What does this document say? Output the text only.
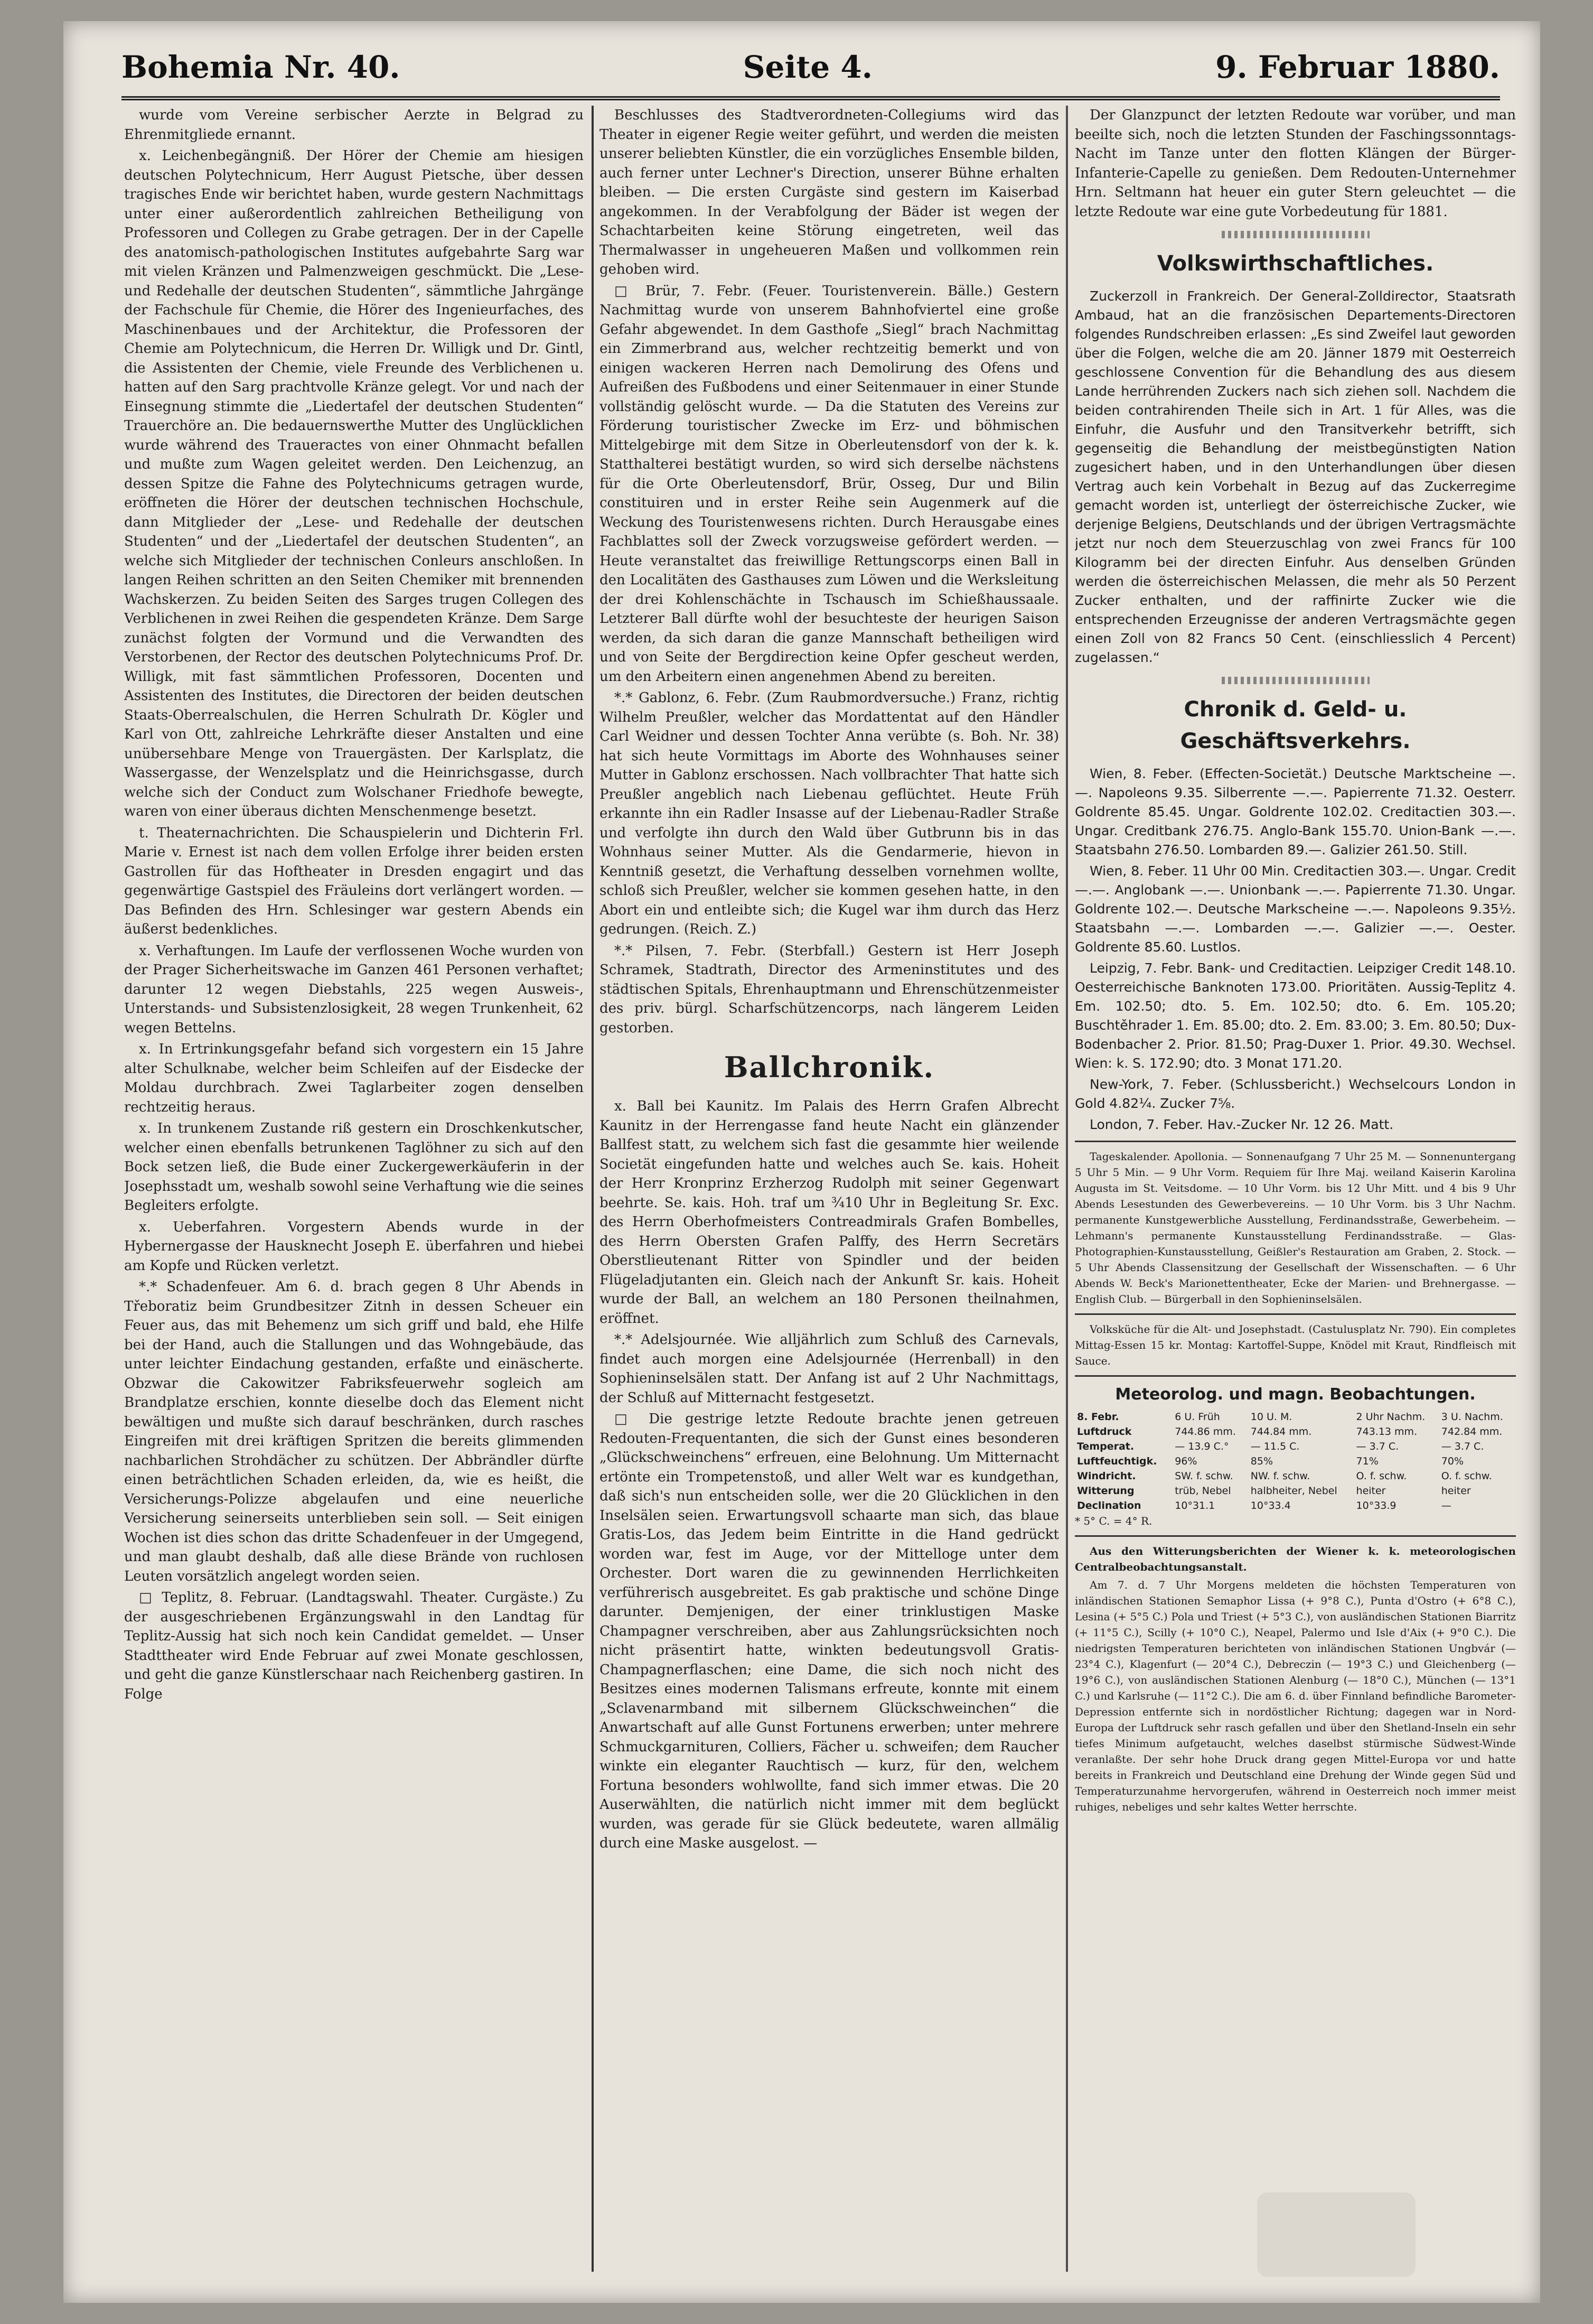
Bohemia Nr. 40.	Seite 4.	9. Februar 1880.

wurde vom Vereine serbischer Aerzte in Belgrad zu Ehrenmitgliede ernannt.

x. Leichenbegängniß. Der Hörer der Chemie am hiesigen deutschen Polytechnicum, Herr August Pietsche, über dessen tragisches Ende wir berichtet haben, wurde gestern Nachmittags unter einer außerordentlich zahlreichen Betheiligung von Professoren und Collegen zu Grabe getragen. Der in der Capelle des anatomisch-pathologischen Institutes aufgebahrte Sarg war mit vielen Kränzen und Palmenzweigen geschmückt. Die „Lese- und Redehalle der deutschen Studenten“, sämmtliche Jahrgänge der Fachschule für Chemie, die Hörer des Ingenieurfaches, des Maschinenbaues und der Architektur, die Professoren der Chemie am Polytechnicum, die Herren Dr. Willigk und Dr. Gintl, die Assistenten der Chemie, viele Freunde des Verblichenen u. hatten auf den Sarg prachtvolle Kränze gelegt. Vor und nach der Einsegnung stimmte die „Liedertafel der deutschen Studenten“ Trauerchöre an. Die bedauernswerthe Mutter des Unglücklichen wurde während des Traueractes von einer Ohnmacht befallen und mußte zum Wagen geleitet werden. Den Leichenzug, an dessen Spitze die Fahne des Polytechnicums getragen wurde, eröffneten die Hörer der deutschen technischen Hochschule, dann Mitglieder der „Lese- und Redehalle der deutschen Studenten“ und der „Liedertafel der deutschen Studenten“, an welche sich Mitglieder der technischen Conleurs anschloßen. In langen Reihen schritten an den Seiten Chemiker mit brennenden Wachskerzen. Zu beiden Seiten des Sarges trugen Collegen des Verblichenen in zwei Reihen die gespendeten Kränze. Dem Sarge zunächst folgten der Vormund und die Verwandten des Verstorbenen, der Rector des deutschen Polytechnicums Prof. Dr. Willigk, mit fast sämmtlichen Professoren, Docenten und Assistenten des Institutes, die Directoren der beiden deutschen Staats-Oberrealschulen, die Herren Schulrath Dr. Kögler und Karl von Ott, zahlreiche Lehrkräfte dieser Anstalten und eine unübersehbare Menge von Trauergästen. Der Karlsplatz, die Wassergasse, der Wenzelsplatz und die Heinrichsgasse, durch welche sich der Conduct zum Wolschaner Friedhofe bewegte, waren von einer überaus dichten Menschenmenge besetzt.

t. Theaternachrichten. Die Schauspielerin und Dichterin Frl. Marie v. Ernest ist nach dem vollen Erfolge ihrer beiden ersten Gastrollen für das Hoftheater in Dresden engagirt und das gegenwärtige Gastspiel des Fräuleins dort verlängert worden. — Das Befinden des Hrn. Schlesinger war gestern Abends ein äußerst bedenkliches.

x. Verhaftungen. Im Laufe der verflossenen Woche wurden von der Prager Sicherheitswache im Ganzen 461 Personen verhaftet; darunter 12 wegen Diebstahls, 225 wegen Ausweis-, Unterstands- und Subsistenzlosigkeit, 28 wegen Trunkenheit, 62 wegen Bettelns.

x. In Ertrinkungsgefahr befand sich vorgestern ein 15 Jahre alter Schulknabe, welcher beim Schleifen auf der Eisdecke der Moldau durchbrach. Zwei Taglarbeiter zogen denselben rechtzeitig heraus.

x. In trunkenem Zustande riß gestern ein Droschkenkutscher, welcher einen ebenfalls betrunkenen Taglöhner zu sich auf den Bock setzen ließ, die Bude einer Zuckergewerkäuferin in der Josephsstadt um, weshalb sowohl seine Verhaftung wie die seines Begleiters erfolgte.

x. Ueberfahren. Vorgestern Abends wurde in der Hybernergasse der Hausknecht Joseph E. überfahren und hiebei am Kopfe und Rücken verletzt.

*.* Schadenfeuer. Am 6. d. brach gegen 8 Uhr Abends in Třeboratiz beim Grundbesitzer Zitnh in dessen Scheuer ein Feuer aus, das mit Behemenz um sich griff und bald, ehe Hilfe bei der Hand, auch die Stallungen und das Wohngebäude, das unter leichter Eindachung gestanden, erfaßte und einäscherte. Obzwar die Cakowitzer Fabriksfeuerwehr sogleich am Brandplatze erschien, konnte dieselbe doch das Element nicht bewältigen und mußte sich darauf beschränken, durch rasches Eingreifen mit drei kräftigen Spritzen die bereits glimmenden nachbarlichen Strohdächer zu schützen. Der Abbrändler dürfte einen beträchtlichen Schaden erleiden, da, wie es heißt, die Versicherungs-Polizze abgelaufen und eine neuerliche Versicherung seinerseits unterblieben sein soll. — Seit einigen Wochen ist dies schon das dritte Schadenfeuer in der Umgegend, und man glaubt deshalb, daß alle diese Brände von ruchlosen Leuten vorsätzlich angelegt worden seien.

□ Teplitz, 8. Februar. (Landtagswahl. Theater. Curgäste.) Zu der ausgeschriebenen Ergänzungswahl in den Landtag für Teplitz-Aussig hat sich noch kein Candidat gemeldet. — Unser Stadttheater wird Ende Februar auf zwei Monate geschlossen, und geht die ganze Künstlerschaar nach Reichenberg gastiren. In Folge

Beschlusses des Stadtverordneten-Collegiums wird das Theater in eigener Regie weiter geführt, und werden die meisten unserer beliebten Künstler, die ein vorzügliches Ensemble bilden, auch ferner unter Lechner's Direction, unserer Bühne erhalten bleiben. — Die ersten Curgäste sind gestern im Kaiserbad angekommen. In der Verabfolgung der Bäder ist wegen der Schachtarbeiten keine Störung eingetreten, weil das Thermalwasser in ungeheueren Maßen und vollkommen rein gehoben wird.

□ Brür, 7. Febr. (Feuer. Touristenverein. Bälle.) Gestern Nachmittag wurde von unserem Bahnhofviertel eine große Gefahr abgewendet. In dem Gasthofe „Siegl“ brach Nachmittag ein Zimmerbrand aus, welcher rechtzeitig bemerkt und von einigen wackeren Herren nach Demolirung des Ofens und Aufreißen des Fußbodens und einer Seitenmauer in einer Stunde vollständig gelöscht wurde. — Da die Statuten des Vereins zur Förderung touristischer Zwecke im Erz- und böhmischen Mittelgebirge mit dem Sitze in Oberleutensdorf von der k. k. Statthalterei bestätigt wurden, so wird sich derselbe nächstens für die Orte Oberleutensdorf, Brür, Osseg, Dur und Bilin constituiren und in erster Reihe sein Augenmerk auf die Weckung des Touristenwesens richten. Durch Herausgabe eines Fachblattes soll der Zweck vorzugsweise gefördert werden. — Heute veranstaltet das freiwillige Rettungscorps einen Ball in den Localitäten des Gasthauses zum Löwen und die Werksleitung der drei Kohlenschächte in Tschausch im Schießhaussaale. Letzterer Ball dürfte wohl der besuchteste der heurigen Saison werden, da sich daran die ganze Mannschaft betheiligen wird und von Seite der Bergdirection keine Opfer gescheut werden, um den Arbeitern einen angenehmen Abend zu bereiten.

*.* Gablonz, 6. Febr. (Zum Raubmordversuche.) Franz, richtig Wilhelm Preußler, welcher das Mordattentat auf den Händler Carl Weidner und dessen Tochter Anna verübte (s. Boh. Nr. 38) hat sich heute Vormittags im Aborte des Wohnhauses seiner Mutter in Gablonz erschossen. Nach vollbrachter That hatte sich Preußler angeblich nach Liebenau geflüchtet. Heute Früh erkannte ihn ein Radler Insasse auf der Liebenau-Radler Straße und verfolgte ihn durch den Wald über Gutbrunn bis in das Wohnhaus seiner Mutter. Als die Gendarmerie, hievon in Kenntniß gesetzt, die Verhaftung desselben vornehmen wollte, schloß sich Preußler, welcher sie kommen gesehen hatte, in den Abort ein und entleibte sich; die Kugel war ihm durch das Herz gedrungen. (Reich. Z.)

*.* Pilsen, 7. Febr. (Sterbfall.) Gestern ist Herr Joseph Schramek, Stadtrath, Director des Armeninstitutes und des städtischen Spitals, Ehrenhauptmann und Ehrenschützenmeister des priv. bürgl. Scharfschützencorps, nach längerem Leiden gestorben.

Ballchronik.

x. Ball bei Kaunitz. Im Palais des Herrn Grafen Albrecht Kaunitz in der Herrengasse fand heute Nacht ein glänzender Ballfest statt, zu welchem sich fast die gesammte hier weilende Societät eingefunden hatte und welches auch Se. kais. Hoheit der Herr Kronprinz Erzherzog Rudolph mit seiner Gegenwart beehrte. Se. kais. Hoh. traf um ¾10 Uhr in Begleitung Sr. Exc. des Herrn Oberhofmeisters Contreadmirals Grafen Bombelles, des Herrn Obersten Grafen Palffy, des Herrn Secretärs Oberstlieutenant Ritter von Spindler und der beiden Flügeladjutanten ein. Gleich nach der Ankunft Sr. kais. Hoheit wurde der Ball, an welchem an 180 Personen theilnahmen, eröffnet.

*.* Adelsjournée. Wie alljährlich zum Schluß des Carnevals, findet auch morgen eine Adelsjournée (Herrenball) in den Sophieninselsälen statt. Der Anfang ist auf 2 Uhr Nachmittags, der Schluß auf Mitternacht festgesetzt.

□ Die gestrige letzte Redoute brachte jenen getreuen Redouten-Frequentanten, die sich der Gunst eines besonderen „Glückschweinchens“ erfreuen, eine Belohnung. Um Mitternacht ertönte ein Trompetenstoß, und aller Welt war es kundgethan, daß sich's nun entscheiden solle, wer die 20 Glücklichen in den Inselsälen seien. Erwartungsvoll schaarte man sich, das blaue Gratis-Los, das Jedem beim Eintritte in die Hand gedrückt worden war, fest im Auge, vor der Mittelloge unter dem Orchester. Dort waren die zu gewinnenden Herrlichkeiten verführerisch ausgebreitet. Es gab praktische und schöne Dinge darunter. Demjenigen, der einer trinklustigen Maske Champagner verschreiben, aber aus Zahlungsrücksichten noch nicht präsentirt hatte, winkten bedeutungsvoll Gratis-Champagnerflaschen; eine Dame, die sich noch nicht des Besitzes eines modernen Talismans erfreute, konnte mit einem „Sclavenarmband mit silbernem Glückschweinchen“ die Anwartschaft auf alle Gunst Fortunens erwerben; unter mehrere Schmuckgarnituren, Colliers, Fächer u. schweifen; dem Raucher winkte ein eleganter Rauchtisch — kurz, für den, welchem Fortuna besonders wohlwollte, fand sich immer etwas. Die 20 Auserwählten, die natürlich nicht immer mit dem beglückt wurden, was gerade für sie Glück bedeutete, waren allmälig durch eine Maske ausgelost. —

Der Glanzpunct der letzten Redoute war vorüber, und man beeilte sich, noch die letzten Stunden der Faschingssonntags-Nacht im Tanze unter den flotten Klängen der Bürger-Infanterie-Capelle zu genießen. Dem Redouten-Unternehmer Hrn. Seltmann hat heuer ein guter Stern geleuchtet — die letzte Redoute war eine gute Vorbedeutung für 1881.

Volkswirthschaftliches.

Zuckerzoll in Frankreich. Der General-Zolldirector, Staatsrath Ambaud, hat an die französischen Departements-Directoren folgendes Rundschreiben erlassen: „Es sind Zweifel laut geworden über die Folgen, welche die am 20. Jänner 1879 mit Oesterreich geschlossene Convention für die Behandlung des aus diesem Lande herrührenden Zuckers nach sich ziehen soll. Nachdem die beiden contrahirenden Theile sich in Art. 1 für Alles, was die Einfuhr, die Ausfuhr und den Transitverkehr betrifft, sich gegenseitig die Behandlung der meistbegünstigten Nation zugesichert haben, und in den Unterhandlungen über diesen Vertrag auch kein Vorbehalt in Bezug auf das Zuckerregime gemacht worden ist, unterliegt der österreichische Zucker, wie derjenige Belgiens, Deutschlands und der übrigen Vertragsmächte jetzt nur noch dem Steuerzuschlag von zwei Francs für 100 Kilogramm bei der directen Einfuhr. Aus denselben Gründen werden die österreichischen Melassen, die mehr als 50 Perzent Zucker enthalten, und der raffinirte Zucker wie die entsprechenden Erzeugnisse der anderen Vertragsmächte gegen einen Zoll von 82 Francs 50 Cent. (einschliesslich 4 Percent) zugelassen.“

Chronik d. Geld- u. Geschäftsverkehrs.

Wien, 8. Feber. (Effecten-Societät.) Deutsche Marktscheine —.—. Napoleons 9.35. Silberrente —.—. Papierrente 71.32. Oesterr. Goldrente 85.45. Ungar. Goldrente 102.02. Creditactien 303.—. Ungar. Creditbank 276.75. Anglo-Bank 155.70. Union-Bank —.—. Staatsbahn 276.50. Lombarden 89.—. Galizier 261.50. Still.

Wien, 8. Feber. 11 Uhr 00 Min. Creditactien 303.—. Ungar. Credit —.—. Anglobank —.—. Unionbank —.—. Papierrente 71.30. Ungar. Goldrente 102.—. Deutsche Markscheine —.—. Napoleons 9.35½. Staatsbahn —.—. Lombarden —.—. Galizier —.—. Oester. Goldrente 85.60. Lustlos.

Leipzig, 7. Febr. Bank- und Creditactien. Leipziger Credit 148.10. Oesterreichische Banknoten 173.00. Prioritäten. Aussig-Teplitz 4. Em. 102.50; dto. 5. Em. 102.50; dto. 6. Em. 105.20; Buschtěhrader 1. Em. 85.00; dto. 2. Em. 83.00; 3. Em. 80.50; Dux-Bodenbacher 2. Prior. 81.50; Prag-Duxer 1. Prior. 49.30. Wechsel. Wien: k. S. 172.90; dto. 3 Monat 171.20.

New-York, 7. Feber. (Schlussbericht.) Wechselcours London in Gold 4.82¼. Zucker 7⅝.

London, 7. Feber. Hav.-Zucker Nr. 12 26. Matt.

Tageskalender. Apollonia. — Sonnenaufgang 7 Uhr 25 M. — Sonnenuntergang 5 Uhr 5 Min. — 9 Uhr Vorm. Requiem für Ihre Maj. weiland Kaiserin Karolina Augusta im St. Veitsdome. — 10 Uhr Vorm. bis 12 Uhr Mitt. und 4 bis 9 Uhr Abends Lesestunden des Gewerbevereins. — 10 Uhr Vorm. bis 3 Uhr Nachm. permanente Kunstgewerbliche Ausstellung, Ferdinandsstraße, Gewerbeheim. — Lehmann's permanente Kunstausstellung Ferdinandsstraße. — Glas-Photographien-Kunstausstellung, Geißler's Restauration am Graben, 2. Stock. — 5 Uhr Abends Classensitzung der Gesellschaft der Wissenschaften. — 6 Uhr Abends W. Beck's Marionettentheater, Ecke der Marien- und Brehnergasse. — English Club. — Bürgerball in den Sophieninselsälen.

Volksküche für die Alt- und Josephstadt. (Castulusplatz Nr. 790). Ein completes Mittag-Essen 15 kr. Montag: Kartoffel-Suppe, Knödel mit Kraut, Rindfleisch mit Sauce.

Meteorolog. und magn. Beobachtungen.
8. Febr.	6 U. Früh	10 U. M.	2 Uhr Nachm.	3 U. Nachm.
Luftdruck	744.86 mm.	744.84 mm.	743.13 mm.	742.84 mm.
Temperat.	— 13.9 C.°	— 11.5 C.	— 3.7 C.	— 3.7 C.
Luftfeuchtigk.	96%	85%	71%	70%
Windricht.	SW. f. schw.	NW. f. schw.	O. f. schw.	O. f. schw.
Witterung	trüb, Nebel	halbheiter, Nebel	heiter	heiter
Declination	10°31.1	10°33.4	10°33.9	—

* 5° C. = 4° R.

Aus den Witterungsberichten der Wiener k. k. meteorologischen Centralbeobachtungsanstalt.

Am 7. d. 7 Uhr Morgens meldeten die höchsten Temperaturen von inländischen Stationen Semaphor Lissa (+ 9°8 C.), Punta d'Ostro (+ 6°8 C.), Lesina (+ 5°5 C.) Pola und Triest (+ 5°3 C.), von ausländischen Stationen Biarritz (+ 11°5 C.), Scilly (+ 10°0 C.), Neapel, Palermo und Isle d'Aix (+ 9°0 C.). Die niedrigsten Temperaturen berichteten von inländischen Stationen Ungbvár (— 23°4 C.), Klagenfurt (— 20°4 C.), Debreczin (— 19°3 C.) und Gleichenberg (— 19°6 C.), von ausländischen Stationen Alenburg (— 18°0 C.), München (— 13°1 C.) und Karlsruhe (— 11°2 C.). Die am 6. d. über Finnland befindliche Barometer-Depression entfernte sich in nordöstlicher Richtung; dagegen war in Nord-Europa der Luftdruck sehr rasch gefallen und über den Shetland-Inseln ein sehr tiefes Minimum aufgetaucht, welches daselbst stürmische Südwest-Winde veranlaßte. Der sehr hohe Druck drang gegen Mittel-Europa vor und hatte bereits in Frankreich und Deutschland eine Drehung der Winde gegen Süd und Temperaturzunahme hervorgerufen, während in Oesterreich noch immer meist ruhiges, nebeliges und sehr kaltes Wetter herrschte.
